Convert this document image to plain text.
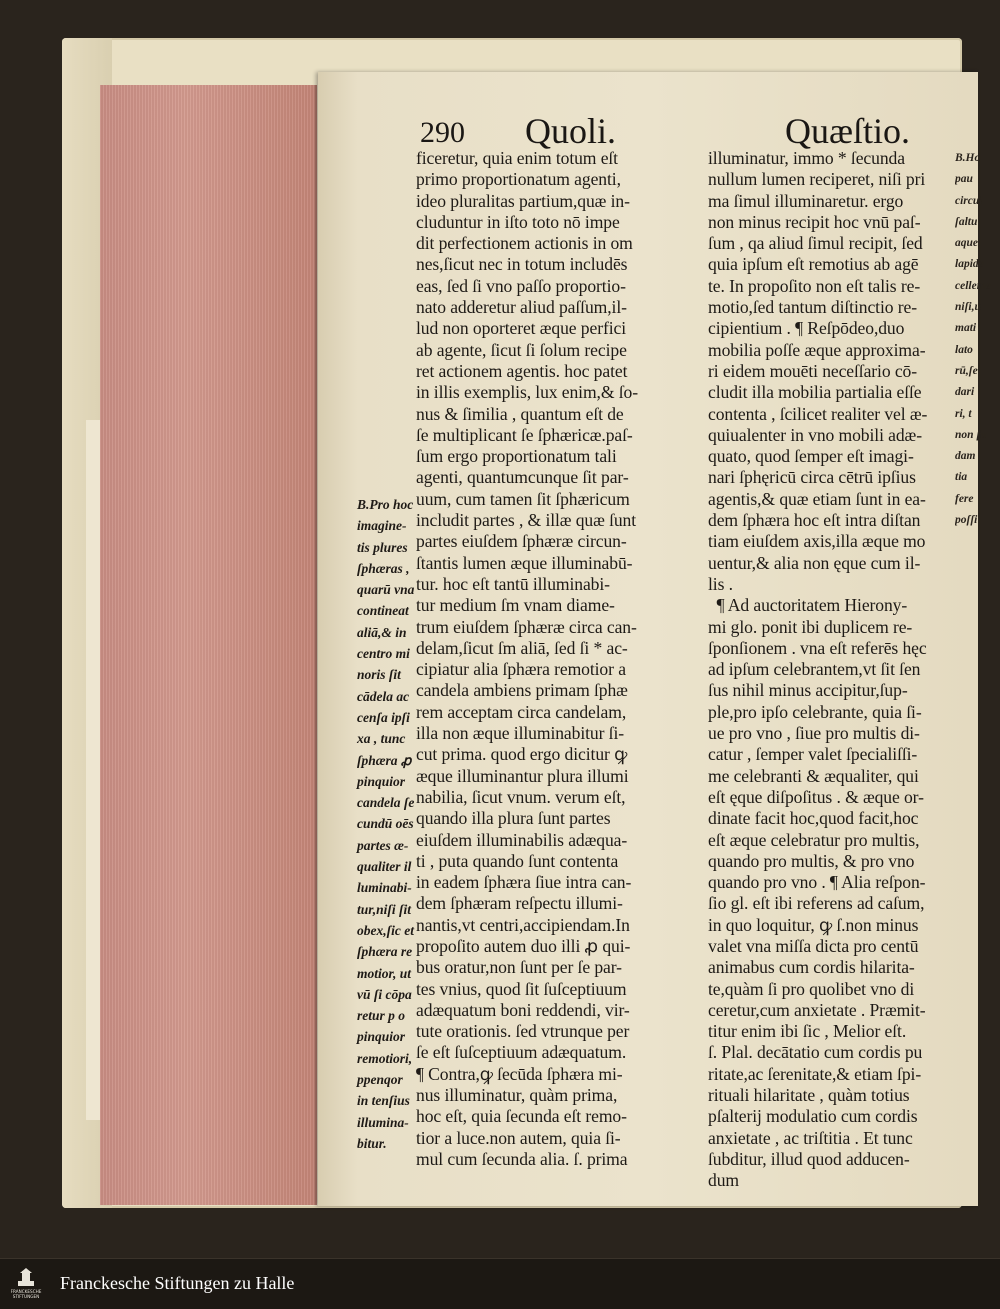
290 Quoli.	Quæſtio.
ficeretur, quia enim totum eſt
primo proportionatum agenti,
ideo pluralitas partium,quæ in-
cluduntur in iſto toto nō impe
dit perfectionem actionis in om
nes,ſicut nec in totum includēs
eas, ſed ſi vno paſſo proportio-
nato adderetur aliud paſſum,il-
lud non oporteret æque perfici
ab agente, ſicut ſi ſolum recipe
ret actionem agentis. hoc patet
in illis exemplis, lux enim,& ſo-
nus & ſimilia , quantum eſt de
ſe multiplicant ſe ſphæricæ.paſ-
ſum ergo proportionatum tali
agenti, quantumcunque ſit par-
uum, cum tamen ſit ſphæricum
includit partes , & illæ quæ ſunt
partes eiuſdem ſphæræ circun-
ſtantis lumen æque illuminabū-
tur. hoc eſt tantū illuminabi-
tur medium ſm vnam diame-
trum eiuſdem ſphæræ circa can-
delam,ſicut ſm aliā, ſed ſi * ac-
cipiatur alia ſphæra remotior a
candela ambiens primam ſphæ
rem acceptam circa candelam,
illa non æque illuminabitur ſi-
cut prima. quod ergo dicitur ꝙ
æque illuminantur plura illumi
nabilia, ſicut vnum. verum eſt,
quando illa plura ſunt partes
eiuſdem illuminabilis adæqua-
ti , puta quando ſunt contenta
in eadem ſphæra ſiue intra can-
dem ſphæram reſpectu illumi-
nantis,vt centri,accipiendam.In
propoſito autem duo illi ꝓ qui-
bus oratur,non ſunt per ſe par-
tes vnius, quod ſit ſuſceptiuum
adæquatum boni reddendi, vir-
tute orationis. ſed vtrunque per
ſe eſt ſuſceptiuum adæquatum.
¶ Contra,ꝙ ſecūda ſphæra mi-
nus illuminatur, quàm prima,
hoc eſt, quia ſecunda eſt remo-
tior a luce.non autem, quia ſi-
mul cum ſecunda alia. ſ. prima
illuminatur, immo * ſecunda
nullum lumen reciperet, niſi pri
ma ſimul illuminaretur. ergo
non minus recipit hoc vnū paſ-
ſum , qa aliud ſimul recipit, ſed
quia ipſum eſt remotius ab agē
te. In propoſito non eſt talis re-
motio,ſed tantum diſtinctio re-
cipientium . ¶ Reſpōdeo,duo
mobilia poſſe æque approxima-
ri eidem mouēti neceſſario cō-
cludit illa mobilia partialia eſſe
contenta , ſcilicet realiter vel æ-
quiualenter in vno mobili adæ-
quato, quod ſemper eſt imagi-
nari ſphęricū circa cētrū ipſius
agentis,& quæ etiam ſunt in ea-
dem ſphæra hoc eſt intra diſtan
tiam eiuſdem axis,illa æque mo
uentur,& alia non ęque cum il-
lis .
¶ Ad auctoritatem Hierony-
mi glo. ponit ibi duplicem re-
ſponſionem . vna eſt referēs hęc
ad ipſum celebrantem,vt ſit ſen
ſus nihil minus accipitur,ſup-
ple,pro ipſo celebrante, quia ſi-
ue pro vno , ſiue pro multis di-
catur , ſemper valet ſpecialiſſi-
me celebranti & æqualiter, qui
eſt ęque diſpoſitus . & æque or-
dinate facit hoc,quod facit,hoc
eſt æque celebratur pro multis,
quando pro multis, & pro vno
quando pro vno . ¶ Alia reſpon-
ſio gl. eſt ibi referens ad caſum,
in quo loquitur, ꝙ ſ.non minus
valet vna miſſa dicta pro centū
animabus cum cordis hilarita-
te,quàm ſi pro quolibet vno di
ceretur,cum anxietate . Præmit-
titur enim ibi ſic , Melior eſt.
ſ. Plal. decātatio cum cordis pu
ritate,ac ſerenitate,& etiam ſpi-
rituali hilaritate , quàm totius
pſalterij modulatio cum cordis
anxietate , ac triſtitia . Et tunc
ſubditur, illud quod adducen-
dum
B.Pro hoc
imagine-
tis plures
ſphæras ,
quarū vna
contineat
aliā,& in
centro mi
noris ſit
cādela ac
cenſa ipſi
xa , tunc
ſphæra ꝓ
pinquior
candela ſe
cundū oēs
partes æ-
qualiter il
luminabi-
tur,niſi ſit
obex,ſic et
ſphæra re
motior, ut
vū ſi cōpa
retur p o
pinquior
remotiori,
ppenqor
in tenſius
illumina-
bitur.
B.Ho
pau
circul
ſaltu
aque
lapide
celleme
niſi,u
mati
lato
rū,ſe
dari
ri, t
non ſu
dam
tia
fere
poſſi
FRANCKESCHE
STIFTUNGEN
Franckesche Stiftungen zu Halle
